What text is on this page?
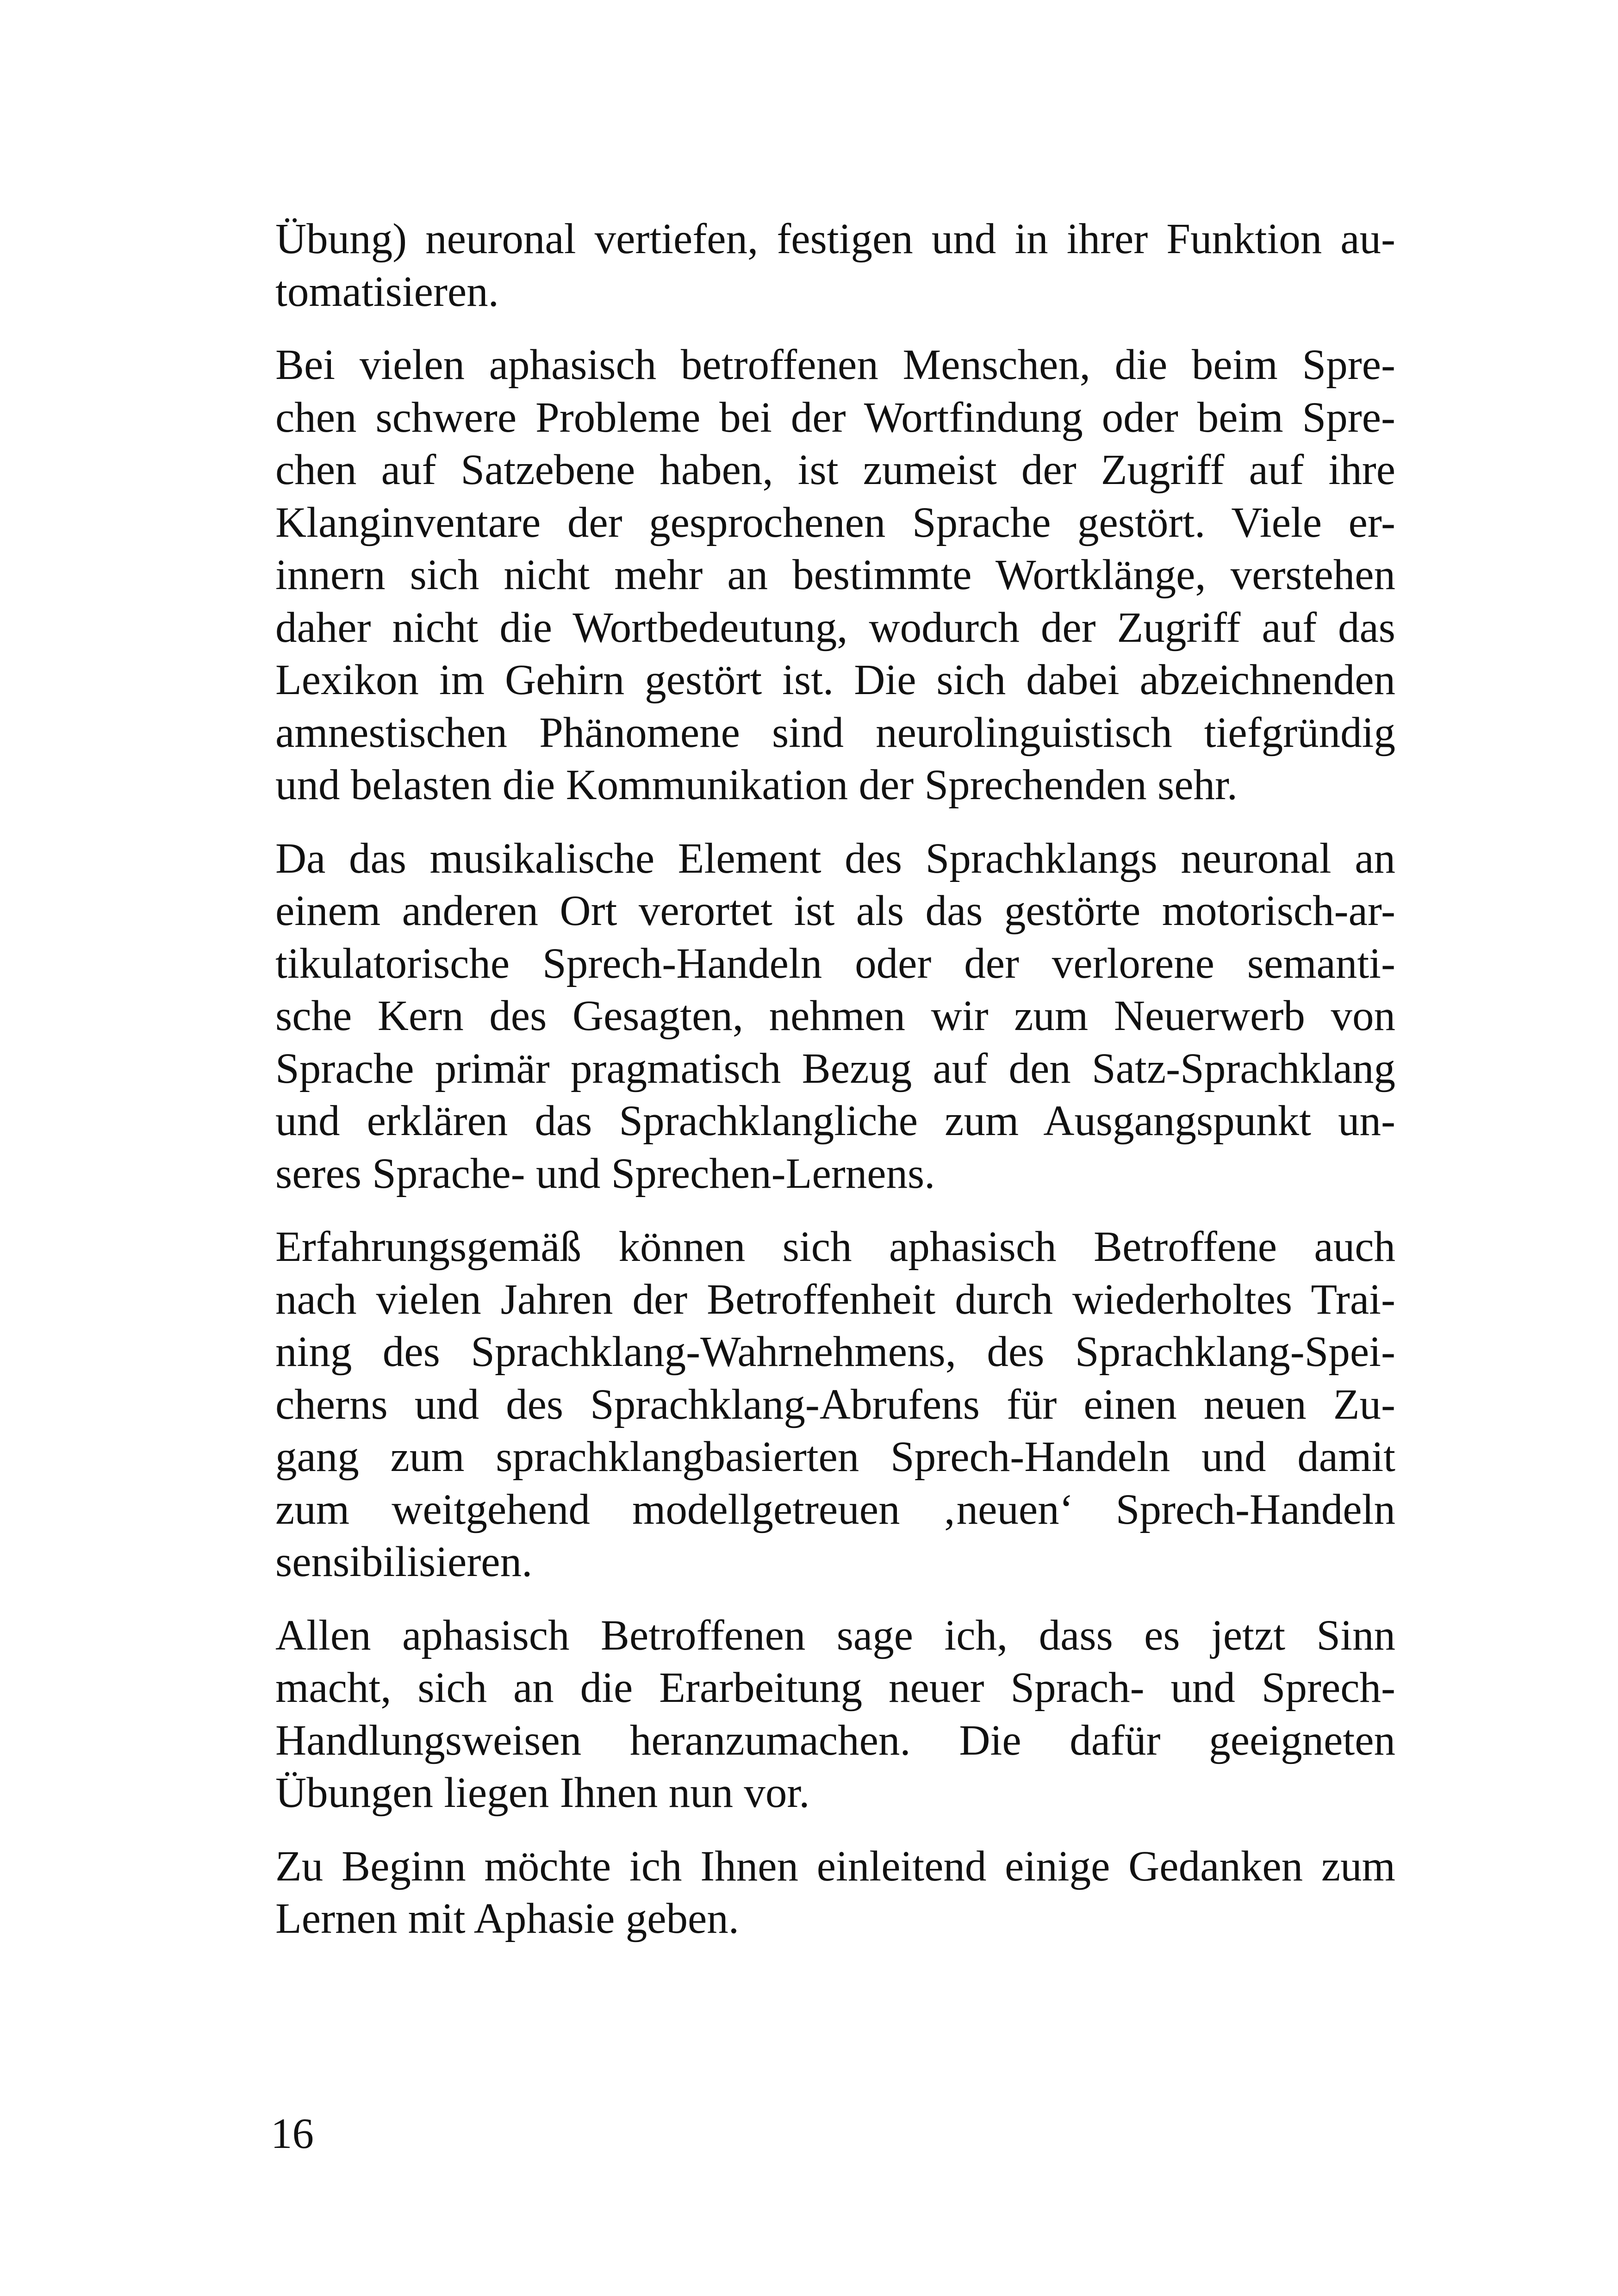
Übung) neuronal vertiefen, festigen und in ihrer Funktion au-
tomatisieren.

Bei vielen aphasisch betroffenen Menschen, die beim Spre-
chen schwere Probleme bei der Wortfindung oder beim Spre-
chen auf Satzebene haben, ist zumeist der Zugriff auf ihre
Klanginventare der gesprochenen Sprache gestört. Viele er-
innern sich nicht mehr an bestimmte Wortklänge, verstehen
daher nicht die Wortbedeutung, wodurch der Zugriff auf das
Lexikon im Gehirn gestört ist. Die sich dabei abzeichnenden
amnestischen Phänomene sind neurolinguistisch tiefgründig
und belasten die Kommunikation der Sprechenden sehr.

Da das musikalische Element des Sprachklangs neuronal an
einem anderen Ort verortet ist als das gestörte motorisch-ar-
tikulatorische Sprech-Handeln oder der verlorene semanti-
sche Kern des Gesagten, nehmen wir zum Neuerwerb von
Sprache primär pragmatisch Bezug auf den Satz-Sprachklang
und erklären das Sprachklangliche zum Ausgangspunkt un-
seres Sprache- und Sprechen-Lernens.

Erfahrungsgemäß können sich aphasisch Betroffene auch
nach vielen Jahren der Betroffenheit durch wiederholtes Trai-
ning des Sprachklang-Wahrnehmens, des Sprachklang-Spei-
cherns und des Sprachklang-Abrufens für einen neuen Zu-
gang zum sprachklangbasierten Sprech-Handeln und damit
zum weitgehend modellgetreuen ‚neuen‘ Sprech-Handeln
sensibilisieren.

Allen aphasisch Betroffenen sage ich, dass es jetzt Sinn
macht, sich an die Erarbeitung neuer Sprach- und Sprech-
Handlungsweisen heranzumachen. Die dafür geeigneten
Übungen liegen Ihnen nun vor.

Zu Beginn möchte ich Ihnen einleitend einige Gedanken zum
Lernen mit Aphasie geben.

16
